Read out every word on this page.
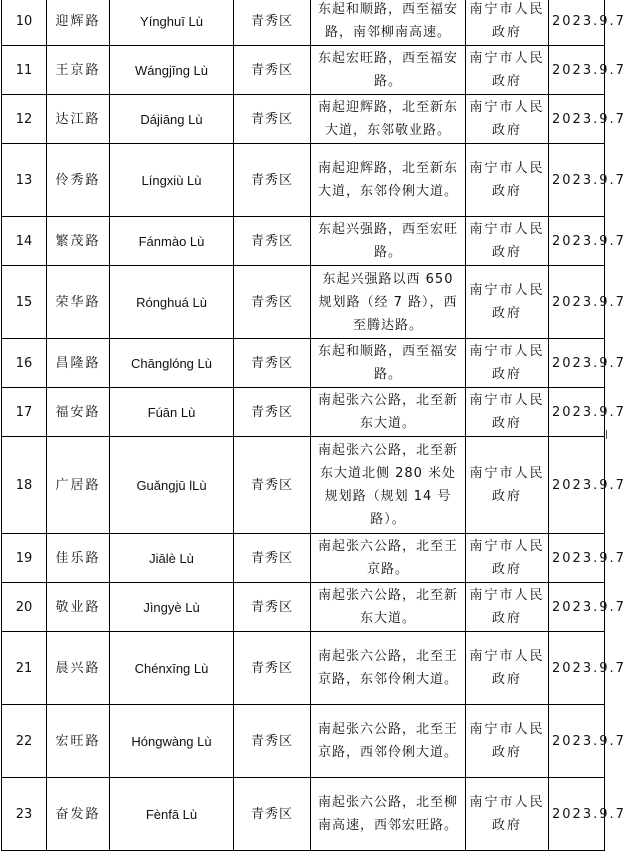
10	迎辉路	Yínghuī Lù	青秀区	东起和顺路，西至福安路，南邻柳南高速。	南宁市人民政府	2023.9.7
11	王京路	Wángjīng Lù	青秀区	东起宏旺路，西至福安路。	南宁市人民政府	2023.9.7
12	达江路	Dájiāng Lù	青秀区	南起迎辉路，北至新东大道，东邻敬业路。	南宁市人民政府	2023.9.7
13	伶秀路	Língxiù Lù	青秀区	南起迎辉路，北至新东大道，东邻伶俐大道。	南宁市人民政府	2023.9.7
14	繁茂路	Fánmào Lù	青秀区	东起兴强路，西至宏旺路。	南宁市人民政府	2023.9.7
15	荣华路	Rónghuá Lù	青秀区	东起兴强路以西 650 规划路（经 7 路），西至腾达路。	南宁市人民政府	2023.9.7
16	昌隆路	Chānglóng Lù	青秀区	东起和顺路，西至福安路。	南宁市人民政府	2023.9.7
17	福安路	Fúān Lù	青秀区	南起张六公路，北至新东大道。	南宁市人民政府	2023.9.7
18	广居路	Guǎngjū lLù	青秀区	南起张六公路，北至新东大道北侧 280 米处规划路（规划 14 号路）。	南宁市人民政府	2023.9.7
19	佳乐路	Jiālè Lù	青秀区	南起张六公路，北至王京路。	南宁市人民政府	2023.9.7
20	敬业路	Jìngyè Lù	青秀区	南起张六公路，北至新东大道。	南宁市人民政府	2023.9.7
21	晨兴路	Chénxīng Lù	青秀区	南起张六公路，北至王京路，东邻伶俐大道。	南宁市人民政府	2023.9.7
22	宏旺路	Hóngwàng Lù	青秀区	南起张六公路，北至王京路，西邻伶俐大道。	南宁市人民政府	2023.9.7
23	奋发路	Fènfā Lù	青秀区	南起张六公路，北至柳南高速，西邻宏旺路。	南宁市人民政府	2023.9.7
